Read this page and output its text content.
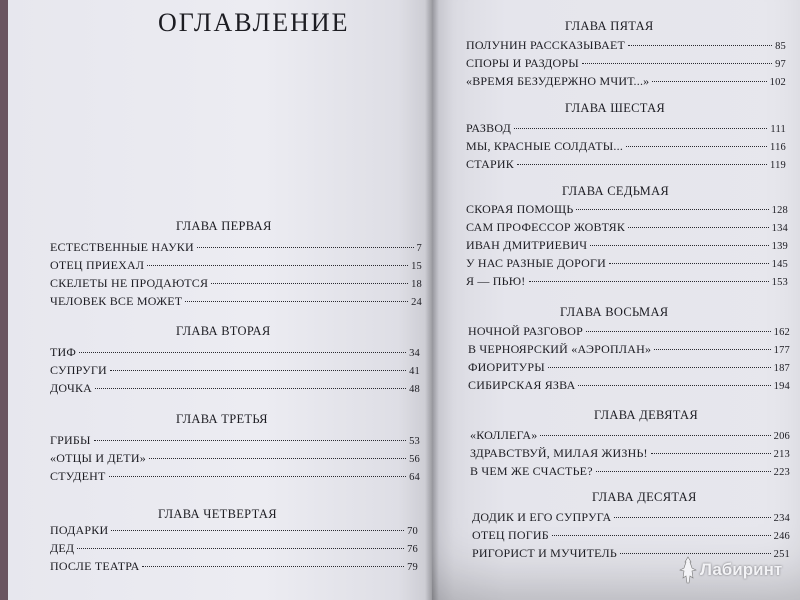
ОГЛАВЛЕНИЕ
ГЛАВА ПЕРВАЯ
ЕСТЕСТВЕННЫЕ НАУКИ	7
ОТЕЦ ПРИЕХАЛ	15
СКЕЛЕТЫ НЕ ПРОДАЮТСЯ	18
ЧЕЛОВЕК ВСЕ МОЖЕТ	24
ГЛАВА ВТОРАЯ
ТИФ	34
СУПРУГИ	41
ДОЧКА	48
ГЛАВА ТРЕТЬЯ
ГРИБЫ	53
«ОТЦЫ И ДЕТИ»	56
СТУДЕНТ	64
ГЛАВА ЧЕТВЕРТАЯ
ПОДАРКИ	70
ДЕД	76
ПОСЛЕ ТЕАТРА	79
ГЛАВА ПЯТАЯ
ПОЛУНИН РАССКАЗЫВАЕТ	85
СПОРЫ И РАЗДОРЫ	97
«ВРЕМЯ БЕЗУДЕРЖНО МЧИТ...»	102
ГЛАВА ШЕСТАЯ
РАЗВОД	111
МЫ, КРАСНЫЕ СОЛДАТЫ...	116
СТАРИК	119
ГЛАВА СЕДЬМАЯ
СКОРАЯ ПОМОЩЬ	128
САМ ПРОФЕССОР ЖОВТЯК	134
ИВАН ДМИТРИЕВИЧ	139
У НАС РАЗНЫЕ ДОРОГИ	145
Я — ПЬЮ!	153
ГЛАВА ВОСЬМАЯ
НОЧНОЙ РАЗГОВОР	162
В ЧЕРНОЯРСКИЙ «АЭРОПЛАН»	177
ФИОРИТУРЫ	187
СИБИРСКАЯ ЯЗВА	194
ГЛАВА ДЕВЯТАЯ
«КОЛЛЕГА»	206
ЗДРАВСТВУЙ, МИЛАЯ ЖИЗНЬ!	213
В ЧЕМ ЖЕ СЧАСТЬЕ?	223
ГЛАВА ДЕСЯТАЯ
ДОДИК И ЕГО СУПРУГА	234
ОТЕЦ ПОГИБ	246
РИГОРИСТ И МУЧИТЕЛЬ	251
Лабиринт
